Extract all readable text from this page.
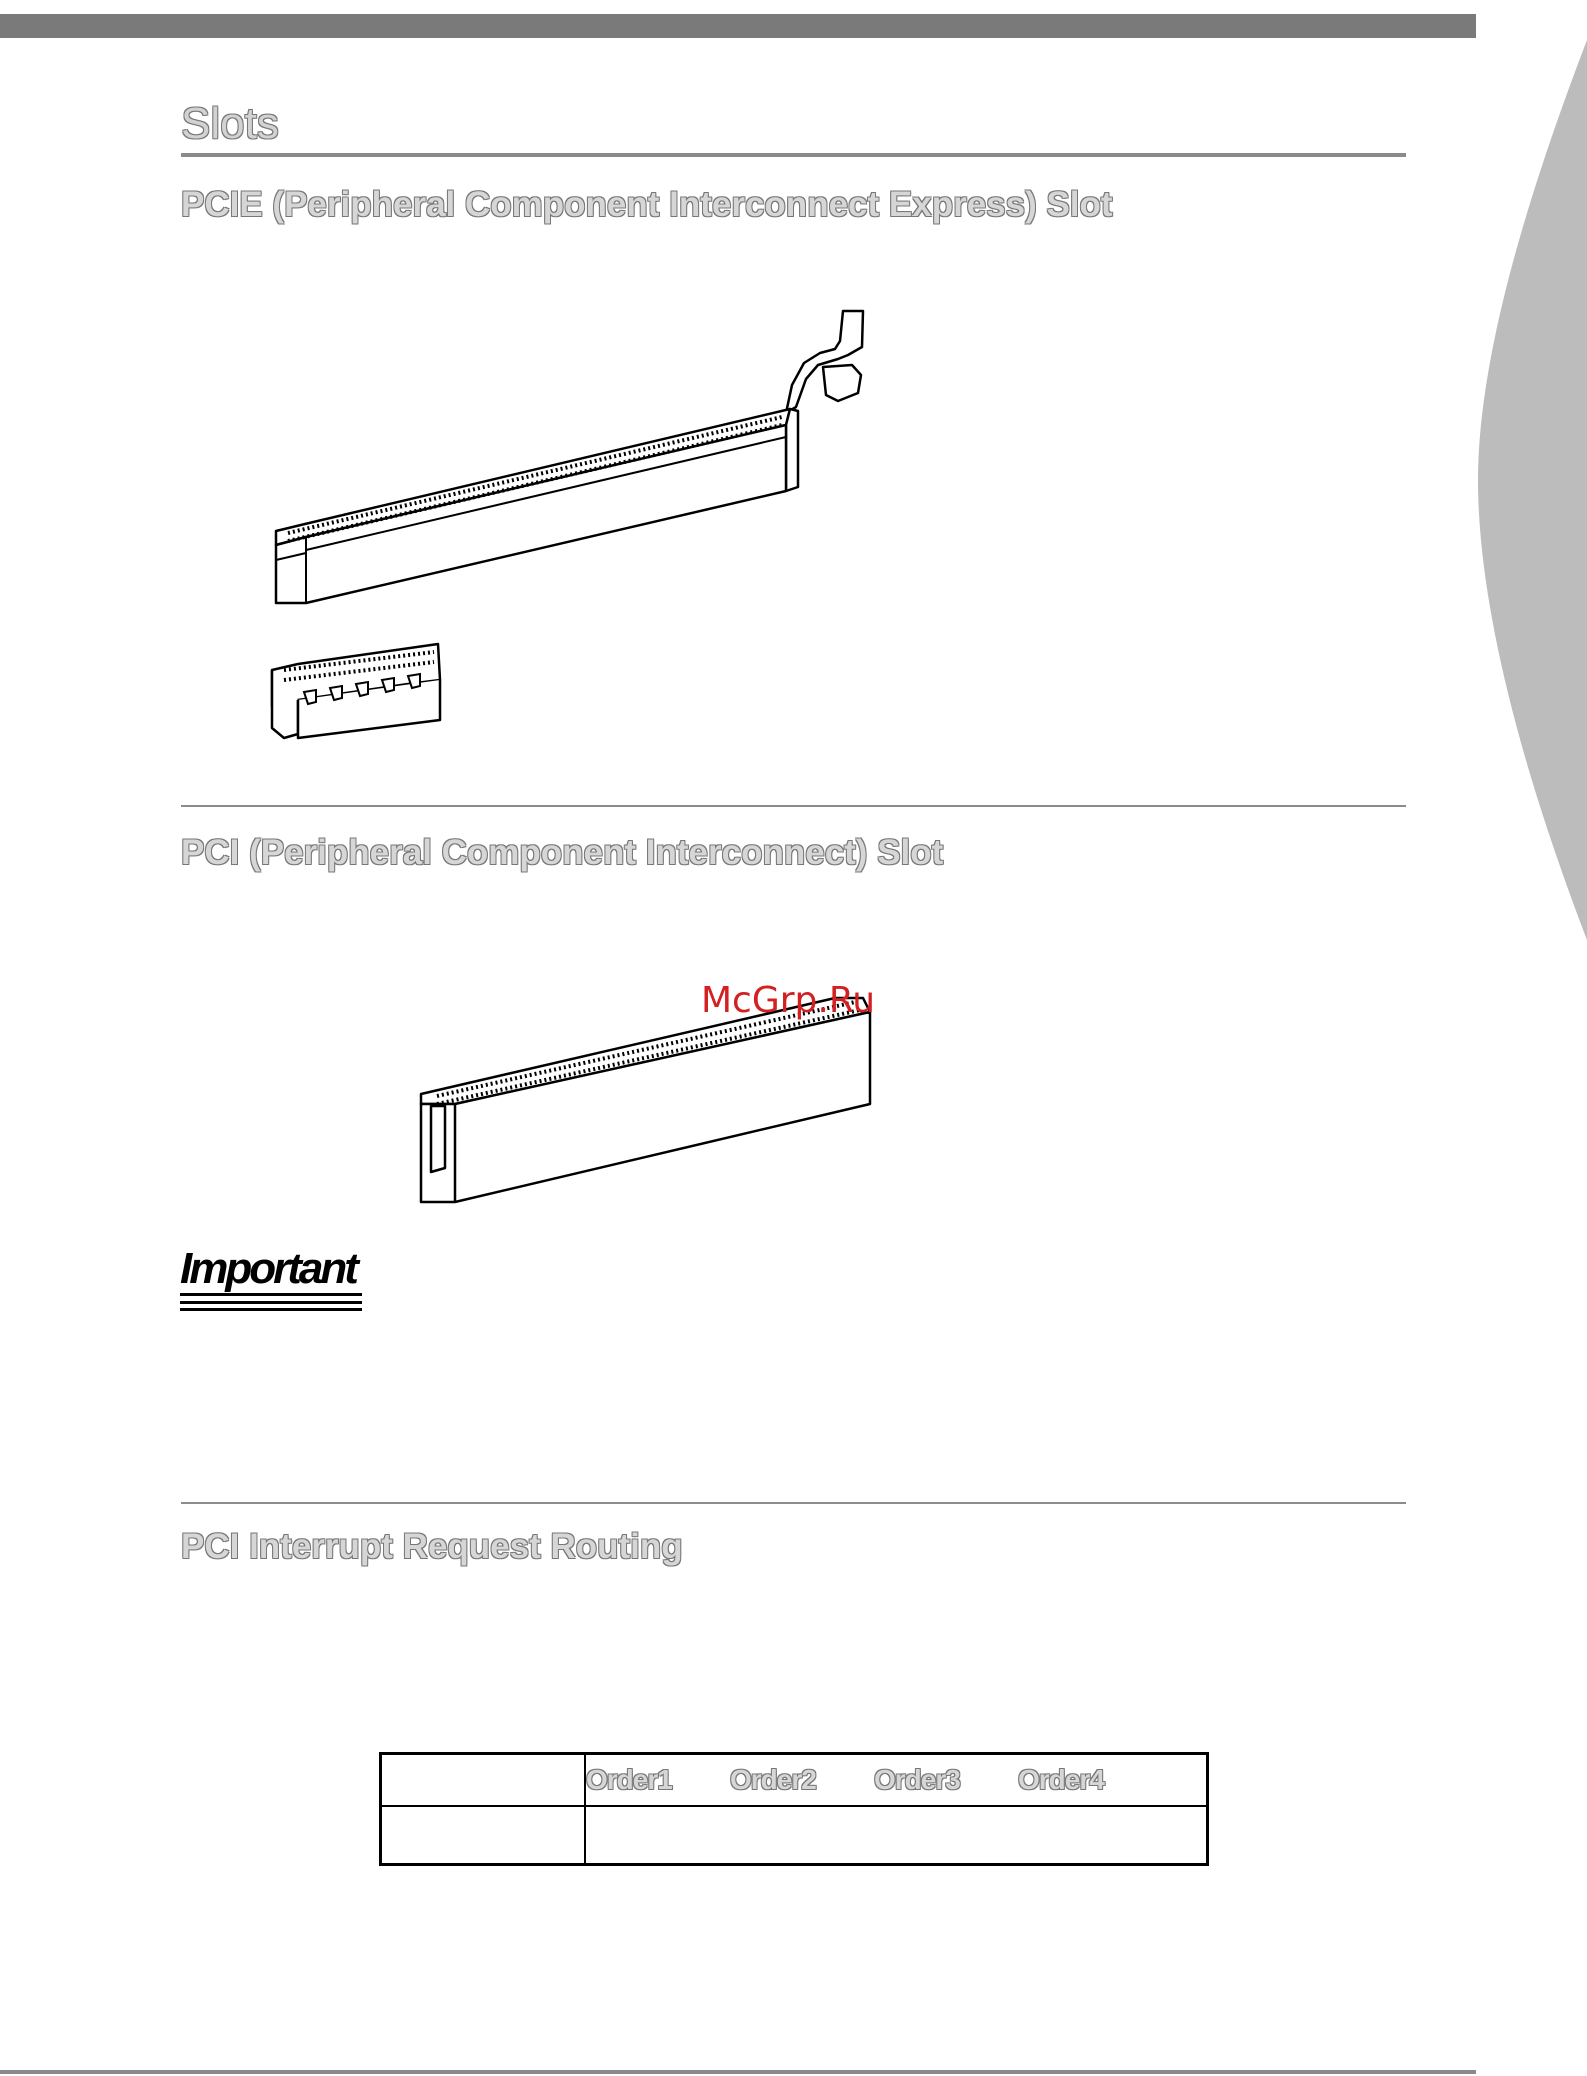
Slots
PCIE (Peripheral Component Interconnect Express) Slot
PCI (Peripheral Component Interconnect) Slot

McGrp.Ru

Important
PCI Interrupt Request Routing
	Order1 Order2 Order3 Order4
